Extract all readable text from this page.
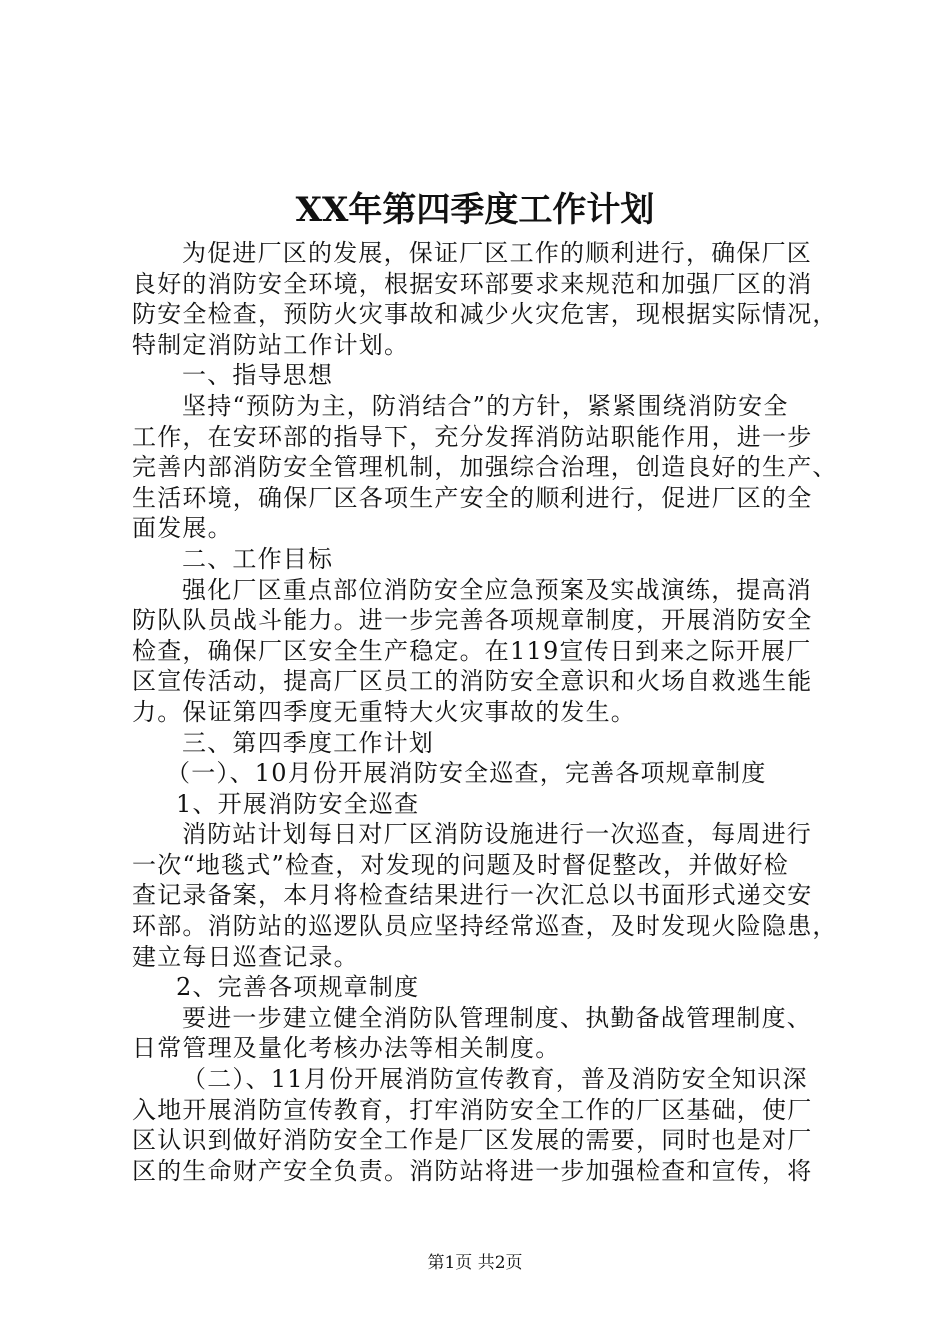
XX年第四季度工作计划
为促进厂区的发展，保证厂区工作的顺利进行，确保厂区
良好的消防安全环境，根据安环部要求来规范和加强厂区的消
防安全检查，预防火灾事故和减少火灾危害，现根据实际情况，
特制定消防站工作计划。
一、指导思想
坚持“预防为主，防消结合”的方针，紧紧围绕消防安全
工作，在安环部的指导下，充分发挥消防站职能作用，进一步
完善内部消防安全管理机制，加强综合治理，创造良好的生产、
生活环境，确保厂区各项生产安全的顺利进行，促进厂区的全
面发展。
二、工作目标
强化厂区重点部位消防安全应急预案及实战演练，提高消
防队队员战斗能力。进一步完善各项规章制度，开展消防安全
检查，确保厂区安全生产稳定。在119宣传日到来之际开展厂
区宣传活动，提高厂区员工的消防安全意识和火场自救逃生能
力。保证第四季度无重特大火灾事故的发生。
三、第四季度工作计划
（一）、10月份开展消防安全巡查，完善各项规章制度
1、开展消防安全巡查
消防站计划每日对厂区消防设施进行一次巡查，每周进行
一次“地毯式”检查，对发现的问题及时督促整改，并做好检
查记录备案，本月将检查结果进行一次汇总以书面形式递交安
环部。消防站的巡逻队员应坚持经常巡查，及时发现火险隐患，
建立每日巡查记录。
2、完善各项规章制度
要进一步建立健全消防队管理制度、执勤备战管理制度、
日常管理及量化考核办法等相关制度。
（二）、11月份开展消防宣传教育，普及消防安全知识深
入地开展消防宣传教育，打牢消防安全工作的厂区基础，使厂
区认识到做好消防安全工作是厂区发展的需要，同时也是对厂
区的生命财产安全负责。消防站将进一步加强检查和宣传，将
第1页 共2页
